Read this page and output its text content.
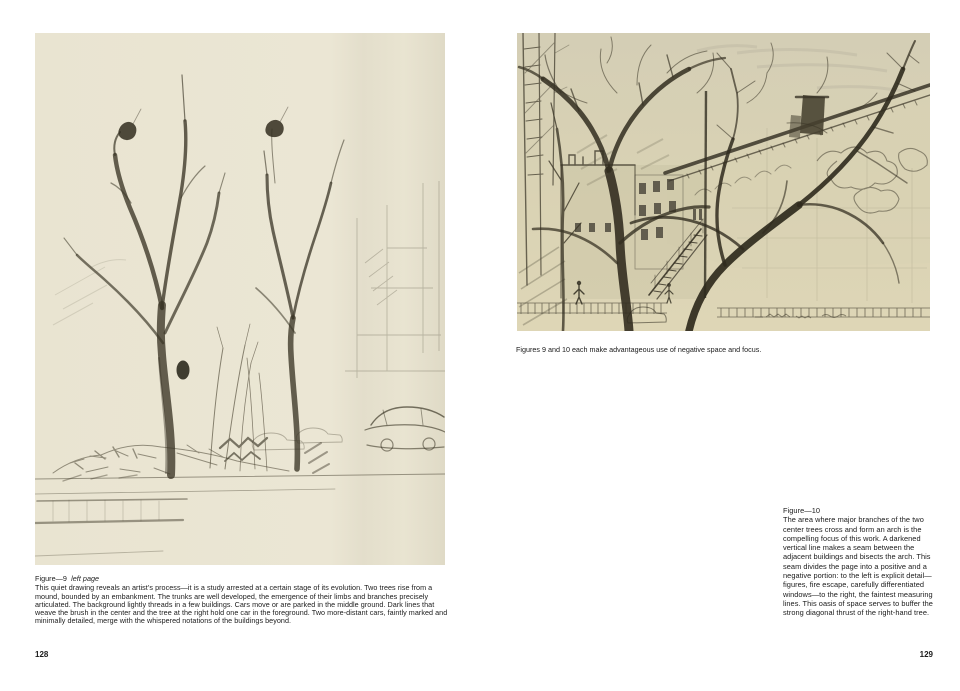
Figure—9 left page

This quiet drawing reveals an artist’s process—it is a study arrested at a certain stage of its evolution. Two trees rise from a mound, bounded by an embankment. The trunks are well developed, the emergence of their limbs and branches precisely articulated. The background lightly threads in a few buildings. Cars move or are parked in the middle ground. Dark lines that weave the brush in the center and the tree at the right hold one car in the foreground. Two more-distant cars, faintly marked and minimally detailed, merge with the whispered notations of the buildings beyond.

128

Figures 9 and 10 each make advantageous use of negative space and focus.

Figure—10

The area where major branches of the two center trees cross and form an arch is the compelling focus of this work. A darkened vertical line makes a seam between the adjacent buildings and bisects the arch. This seam divides the page into a positive and a negative portion: to the left is explicit detail—figures, fire escape, carefully differentiated windows—to the right, the faintest measuring lines. This oasis of space serves to buffer the strong diagonal thrust of the right-hand tree.

129
